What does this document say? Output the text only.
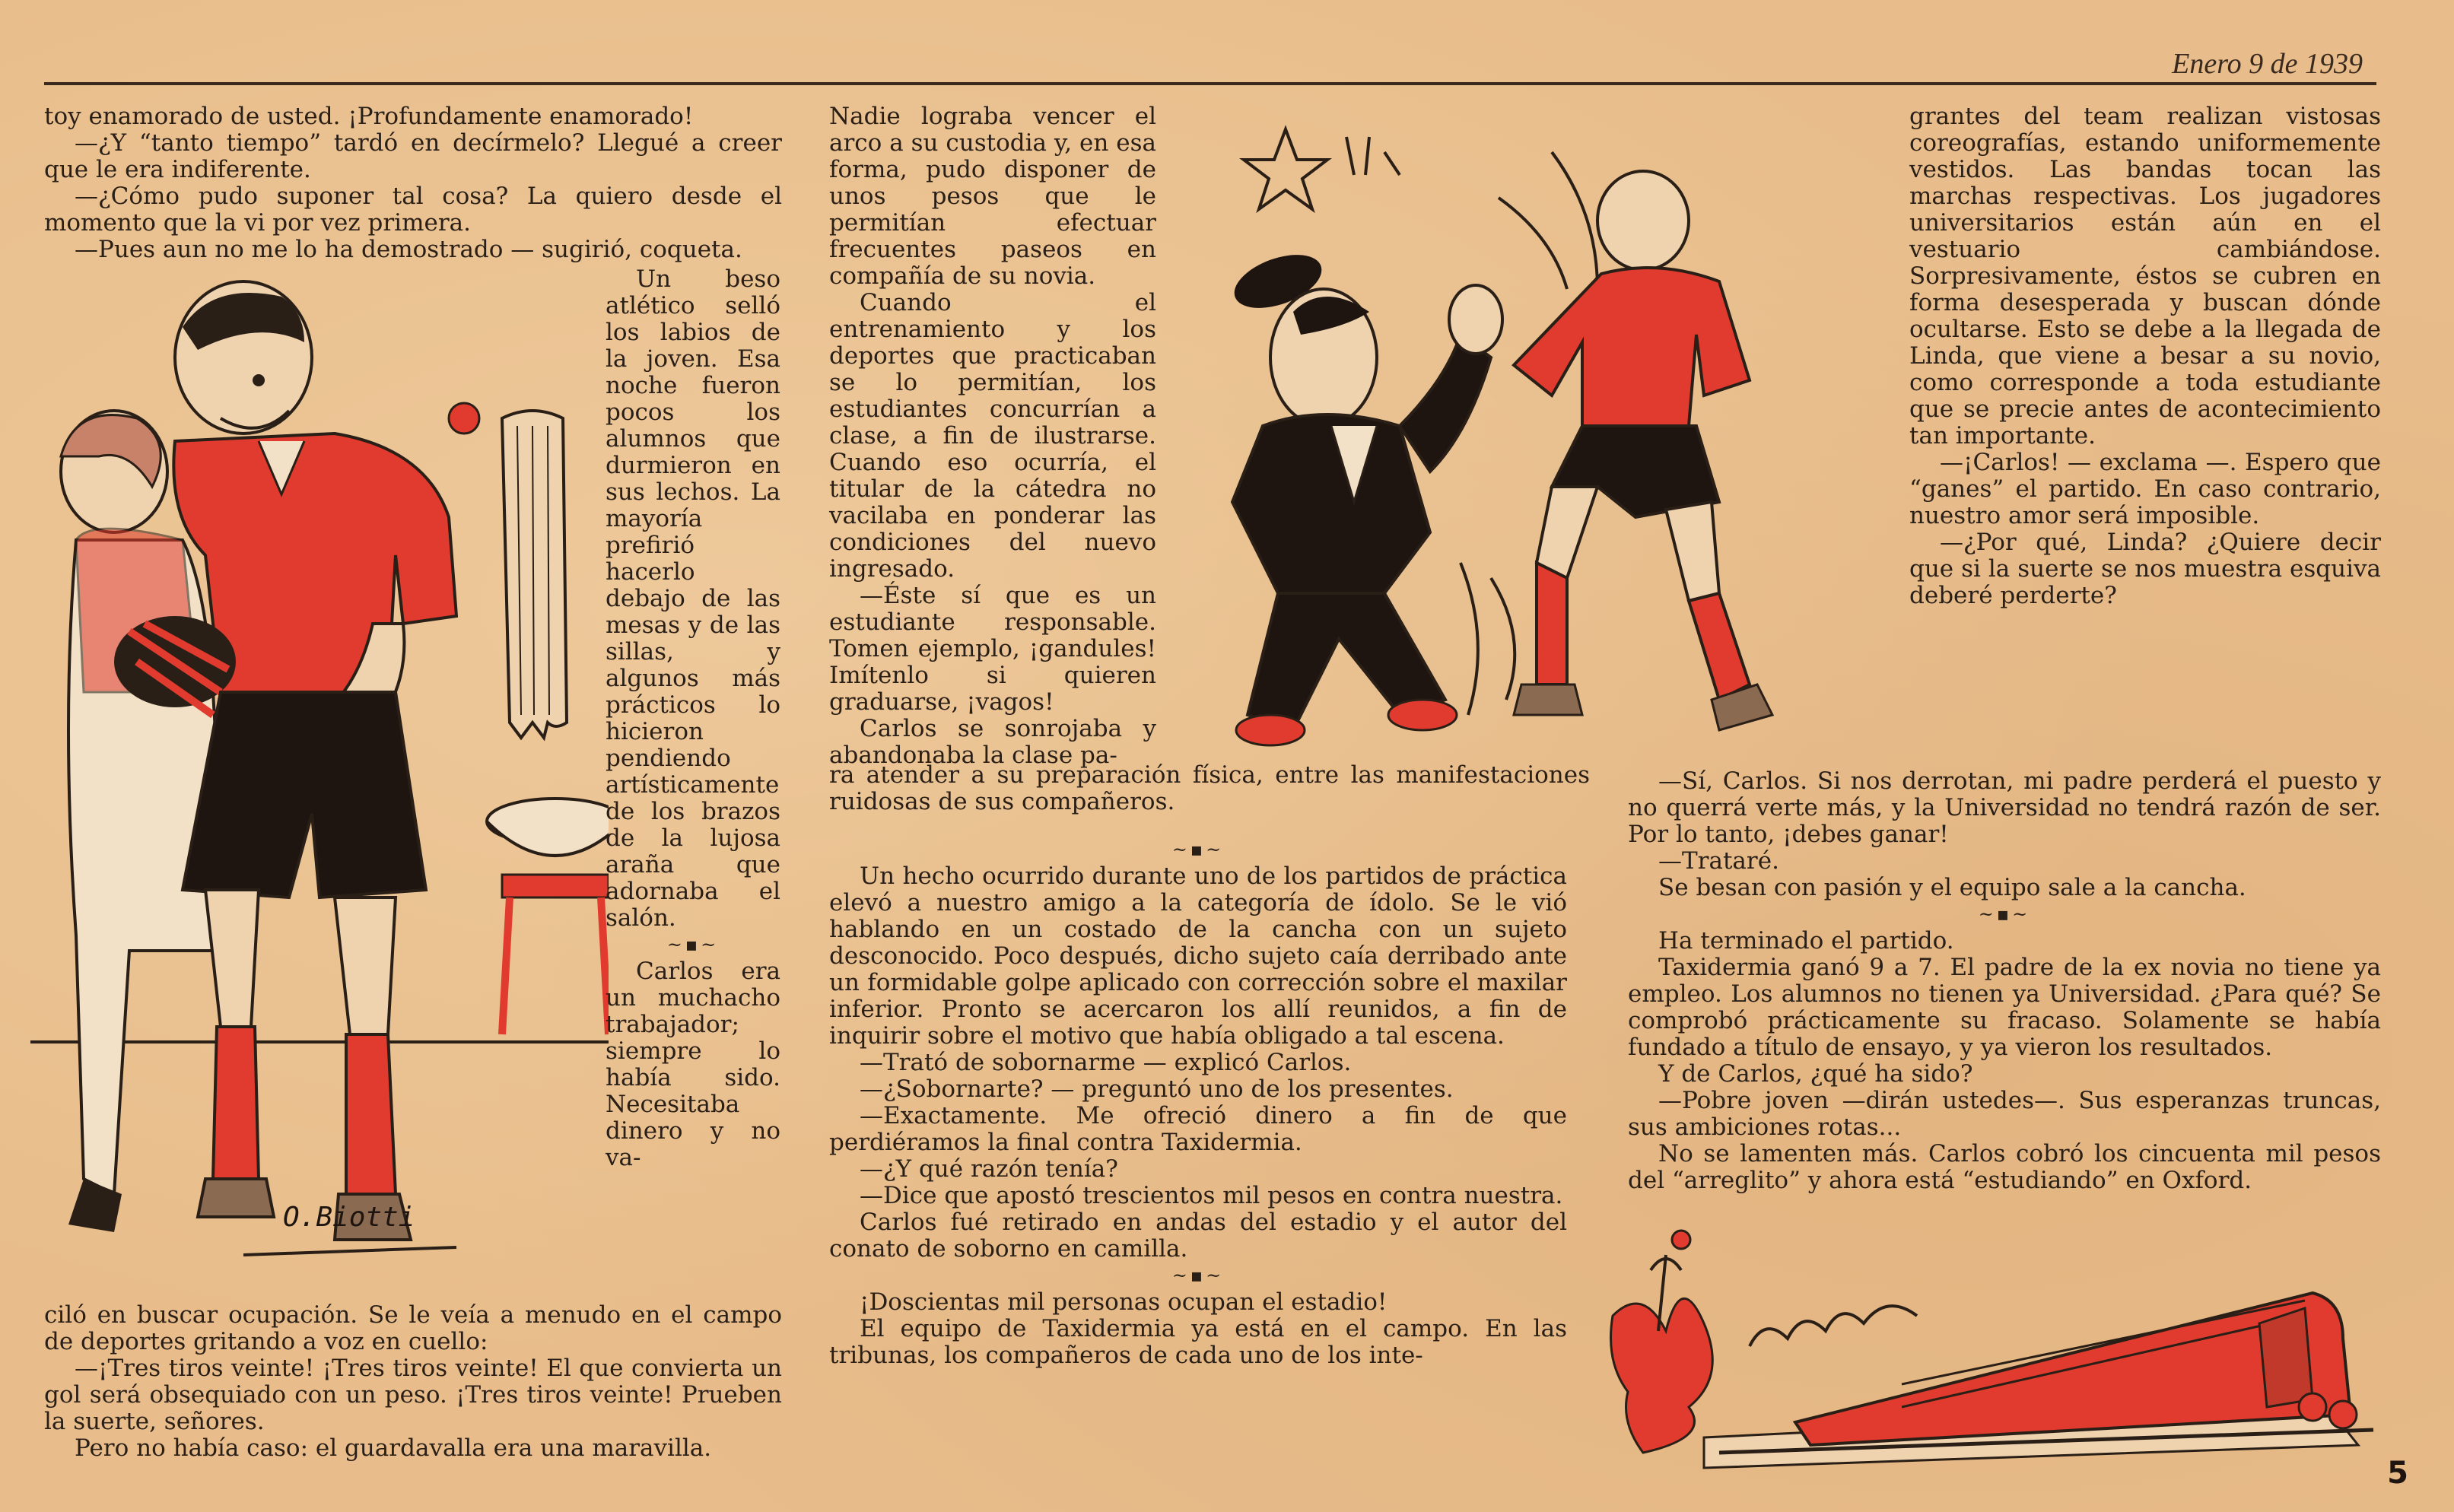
Enero 9 de 1939

toy enamorado de usted. ¡Profundamente enamorado!

—¿Y “tanto tiempo” tardó en decírmelo? Llegué a creer que le era indiferente.

—¿Cómo pudo suponer tal cosa? La quiero desde el momento que la vi por vez primera.

—Pues aun no me lo ha demostrado — sugirió, coqueta.

O.Biotti

Un beso atlético selló los labios de la joven. Esa noche fueron pocos los alumnos que durmieron en sus lechos. La mayoría prefirió hacerlo debajo de las mesas y de las sillas, y algunos más prácticos lo hicieron pendiendo artísticamente de los brazos de la lujosa araña que adornaba el salón.

~▪~

Carlos era un muchacho trabajador; siempre lo había sido. Necesitaba dinero y no va-

ciló en buscar ocupación. Se le veía a menudo en el campo de deportes gritando a voz en cuello:

—¡Tres tiros veinte! ¡Tres tiros veinte! El que convierta un gol será obsequiado con un peso. ¡Tres tiros veinte! Prueben la suerte, señores.

Pero no había caso: el guardavalla era una maravilla.

Nadie lograba vencer el arco a su custodia y, en esa forma, pudo disponer de unos pesos que le permitían efectuar frecuentes paseos en compañía de su novia.

Cuando el entrenamiento y los deportes que practicaban se lo permitían, los estudiantes concurrían a clase, a fin de ilustrarse. Cuando eso ocurría, el titular de la cátedra no vacilaba en ponderar las condiciones del nuevo ingresado.

—Éste sí que es un estudiante responsable. Tomen ejemplo, ¡gandules! Imítenlo si quieren graduarse, ¡vagos!

Carlos se sonrojaba y abandonaba la clase pa-

ra atender a su preparación física, entre las manifestaciones ruidosas de sus compañeros.

~▪~

Un hecho ocurrido durante uno de los partidos de práctica elevó a nuestro amigo a la categoría de ídolo. Se le vió hablando en un costado de la cancha con un sujeto desconocido. Poco después, dicho sujeto caía derribado ante un formidable golpe aplicado con corrección sobre el maxilar inferior. Pronto se acercaron los allí reunidos, a fin de inquirir sobre el motivo que había obligado a tal escena.

—Trató de sobornarme — explicó Carlos.

—¿Sobornarte? — preguntó uno de los presentes.

—Exactamente. Me ofreció dinero a fin de que perdiéramos la final contra Taxidermia.

—¿Y qué razón tenía?

—Dice que apostó trescientos mil pesos en contra nuestra.

Carlos fué retirado en andas del estadio y el autor del conato de soborno en camilla.

~▪~

¡Doscientas mil personas ocupan el estadio!

El equipo de Taxidermia ya está en el campo. En las tribunas, los compañeros de cada uno de los inte-

grantes del team realizan vistosas coreografías, estando uniformemente vestidos. Las bandas tocan las marchas respectivas. Los jugadores universitarios están aún en el vestuario cambiándose. Sorpresivamente, éstos se cubren en forma desesperada y buscan dónde ocultarse. Esto se debe a la llegada de Linda, que viene a besar a su novio, como corresponde a toda estudiante que se precie antes de acontecimiento tan importante.

—¡Carlos! — exclama —. Espero que “ganes” el partido. En caso contrario, nuestro amor será imposible.

—¿Por qué, Linda? ¿Quiere decir que si la suerte se nos muestra esquiva deberé perderte?

—Sí, Carlos. Si nos derrotan, mi padre perderá el puesto y no querrá verte más, y la Universidad no tendrá razón de ser. Por lo tanto, ¡debes ganar!

—Trataré.

Se besan con pasión y el equipo sale a la cancha.

~▪~

Ha terminado el partido.

Taxidermia ganó 9 a 7. El padre de la ex novia no tiene ya empleo. Los alumnos no tienen ya Universidad. ¿Para qué? Se comprobó prácticamente su fracaso. Solamente se había fundado a título de ensayo, y ya vieron los resultados.

Y de Carlos, ¿qué ha sido?

—Pobre joven —dirán ustedes—. Sus esperanzas truncas, sus ambiciones rotas...

No se lamenten más. Carlos cobró los cincuenta mil pesos del “arreglito” y ahora está “estudiando” en Oxford.

5
